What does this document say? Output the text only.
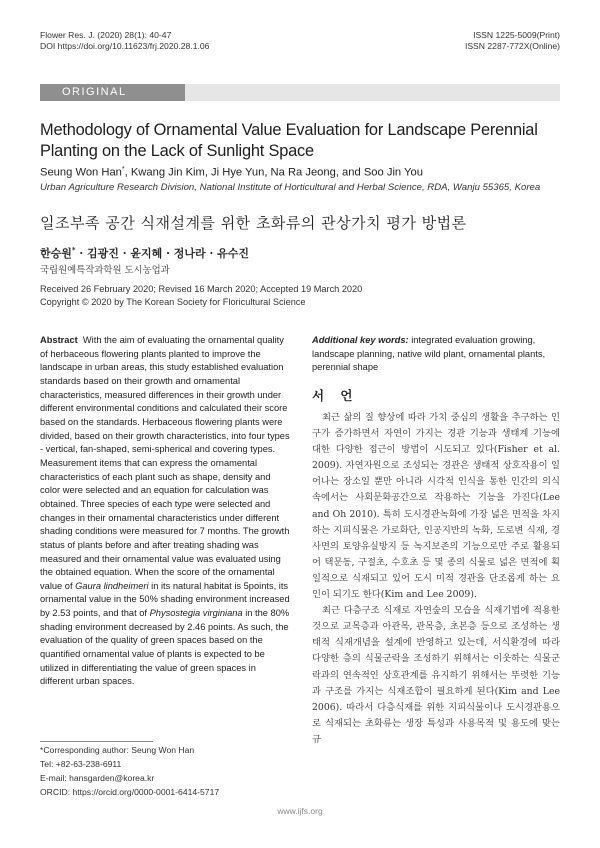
Flower Res. J. (2020) 28(1): 40-47
DOI https://doi.org/10.11623/frj.2020.28.1.06
ISSN 1225-5009(Print)
ISSN 2287-772X(Online)
ORIGINAL ARTICLE
Methodology of Ornamental Value Evaluation for Landscape Perennial Planting on the Lack of Sunlight Space
Seung Won Han*, Kwang Jin Kim, Ji Hye Yun, Na Ra Jeong, and Soo Jin You
Urban Agriculture Research Division, National Institute of Horticultural and Herbal Science, RDA, Wanju 55365, Korea
일조부족 공간 식재설계를 위한 초화류의 관상가치 평가 방법론
한승원* · 김광진 · 윤지혜 · 정나라 · 유수진
국립원예특작과학원 도시농업과
Received 26 February 2020; Revised 16 March 2020; Accepted 19 March 2020
Copyright © 2020 by The Korean Society for Floricultural Science

Abstract With the aim of evaluating the ornamental quality of herbaceous flowering plants planted to improve the landscape in urban areas, this study established evaluation standards based on their growth and ornamental characteristics, measured differences in their growth under different environmental conditions and calculated their score based on the standards. Herbaceous flowering plants were divided, based on their growth characteristics, into four types - vertical, fan-shaped, semi-spherical and covering types. Measurement items that can express the ornamental characteristics of each plant such as shape, density and color were selected and an equation for calculation was obtained. Three species of each type were selected and changes in their ornamental characteristics under different shading conditions were measured for 7 months. The growth status of plants before and after treating shading was measured and their ornamental value was evaluated using the obtained equation. When the score of the ornamental value of Gaura lindheimeri in its natural habitat is 5points, its ornamental value in the 50% shading environment increased by 2.53 points, and that of Physostegia virginiana in the 80% shading environment decreased by 2.46 points. As such, the evaluation of the quality of green spaces based on the quantified ornamental value of plants is expected to be utilized in differentiating the value of green spaces in different urban spaces.

*Corresponding author: Seung Won Han
Tel: +82-63-238-6911
E-mail: hansgarden@korea.kr
ORCID: https://orcid.org/0000-0001-6414-5717
Additional key words: integrated evaluation growing, landscape planning, native wild plant, ornamental plants, perennial shape
서 언

최근 삶의 질 향상에 따라 가치 중심의 생활을 추구하는 인구가 증가하면서 자연이 가지는 경관 기능과 생태계 기능에 대한 다양한 접근이 방법이 시도되고 있다(Fisher et al. 2009). 자연자원으로 조성되는 경관은 생태적 상호작용이 일어나는 장소일 뿐만 아니라 시각적 인식을 통한 인간의 의식속에서는 사회문화공간으로 작용하는 기능을 가진다(Lee and Oh 2010). 특히 도시경관녹화에 가장 넓은 면적을 차지하는 지피식물은 가로화단, 인공지반의 녹화, 도로변 식재, 경사면의 토양유실방지 등 녹지보존의 기능으로만 주로 활용되어 택문동, 구절초, 수호초 등 몇 종의 식물로 넓은 면적에 획일적으로 식재되고 있어 도시 미적 경관을 단조롭게 하는 요인이 되기도 한다(Kim and Lee 2009).

최근 다층구조 식재로 자연숲의 모습을 식재기법에 적용한 것으로 교목층과 아관목, 관목층, 초본층 등으로 조성하는 생태적 식재개념을 설계에 반영하고 있는데, 서식환경에 따라 다양한 층의 식물군락을 조성하기 위해서는 이웃하는 식물군락과의 연속적인 상호관계를 유지하기 위해서는 뚜렷한 기능과 구조를 가지는 식재조합이 필요하게 된다(Kim and Lee 2006). 따라서 다층식재를 위한 지피식물이나 도시경관용으로 식재되는 초화류는 생장 특성과 사용목적 및 용도에 맞는 규

www.ijfs.org
